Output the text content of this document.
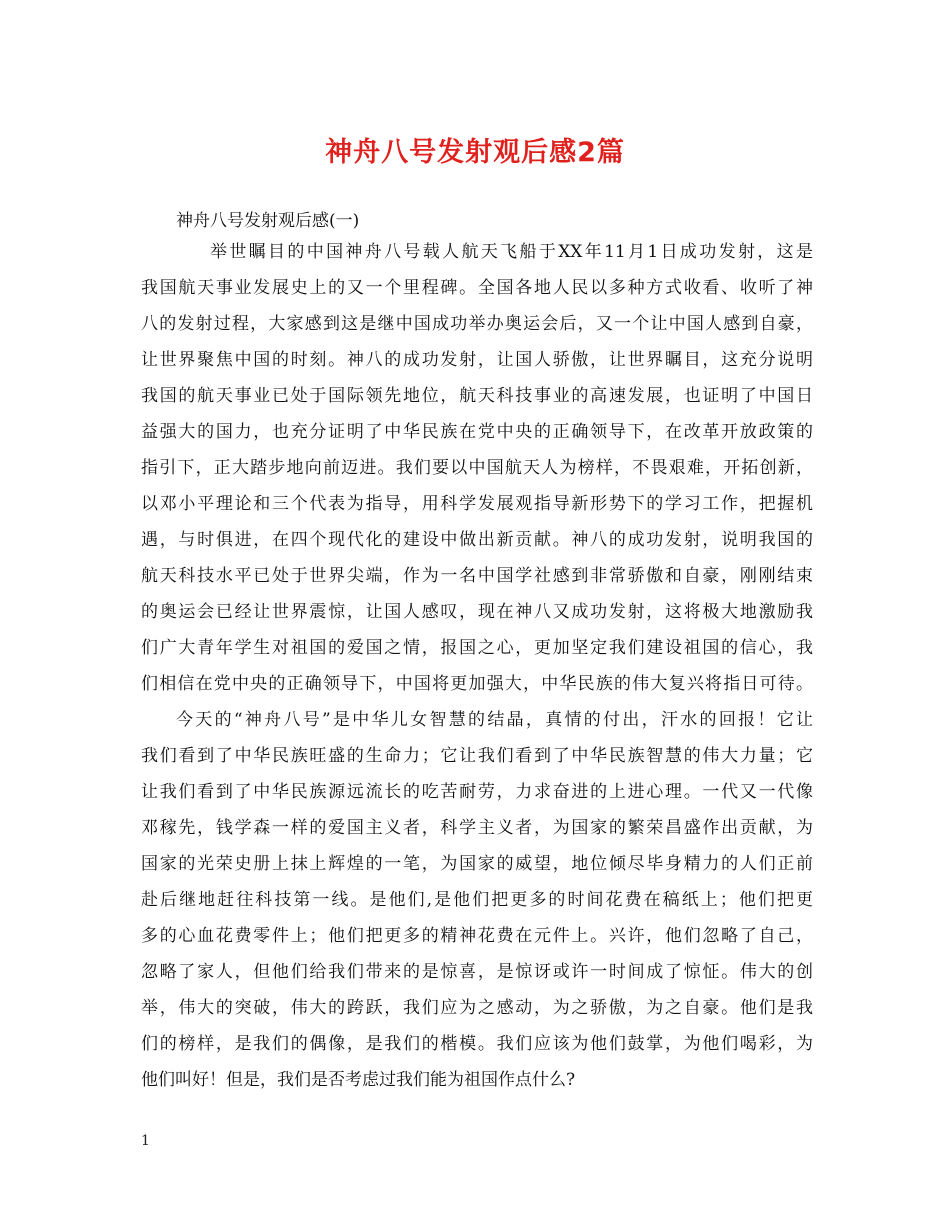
神舟八号发射观后感2篇
神舟八号发射观后感(一)
举世瞩目的中国神舟八号载人航天飞船于XX年11月1日成功发射，这是
我国航天事业发展史上的又一个里程碑。全国各地人民以多种方式收看、收听了神
八的发射过程，大家感到这是继中国成功举办奥运会后，又一个让中国人感到自豪，
让世界聚焦中国的时刻。神八的成功发射，让国人骄傲，让世界瞩目，这充分说明
我国的航天事业已处于国际领先地位，航天科技事业的高速发展，也证明了中国日
益强大的国力，也充分证明了中华民族在党中央的正确领导下，在改革开放政策的
指引下，正大踏步地向前迈进。我们要以中国航天人为榜样，不畏艰难，开拓创新，
以邓小平理论和三个代表为指导，用科学发展观指导新形势下的学习工作，把握机
遇，与时俱进，在四个现代化的建设中做出新贡献。神八的成功发射，说明我国的
航天科技水平已处于世界尖端，作为一名中国学社感到非常骄傲和自豪，刚刚结束
的奥运会已经让世界震惊，让国人感叹，现在神八又成功发射，这将极大地激励我
们广大青年学生对祖国的爱国之情，报国之心，更加坚定我们建设祖国的信心，我
们相信在党中央的正确领导下，中国将更加强大，中华民族的伟大复兴将指日可待。
今天的“神舟八号”是中华儿女智慧的结晶，真情的付出，汗水的回报！它让
我们看到了中华民族旺盛的生命力；它让我们看到了中华民族智慧的伟大力量；它
让我们看到了中华民族源远流长的吃苦耐劳，力求奋进的上进心理。一代又一代像
邓稼先，钱学森一样的爱国主义者，科学主义者，为国家的繁荣昌盛作出贡献，为
国家的光荣史册上抹上辉煌的一笔，为国家的威望，地位倾尽毕身精力的人们正前
赴后继地赶往科技第一线。是他们,是他们把更多的时间花费在稿纸上；他们把更
多的心血花费零件上；他们把更多的精神花费在元件上。兴许，他们忽略了自己，
忽略了家人，但他们给我们带来的是惊喜，是惊讶或许一时间成了惊怔。伟大的创
举，伟大的突破，伟大的跨跃，我们应为之感动，为之骄傲，为之自豪。他们是我
们的榜样，是我们的偶像，是我们的楷模。我们应该为他们鼓掌，为他们喝彩，为
他们叫好！但是，我们是否考虑过我们能为祖国作点什么?
1
